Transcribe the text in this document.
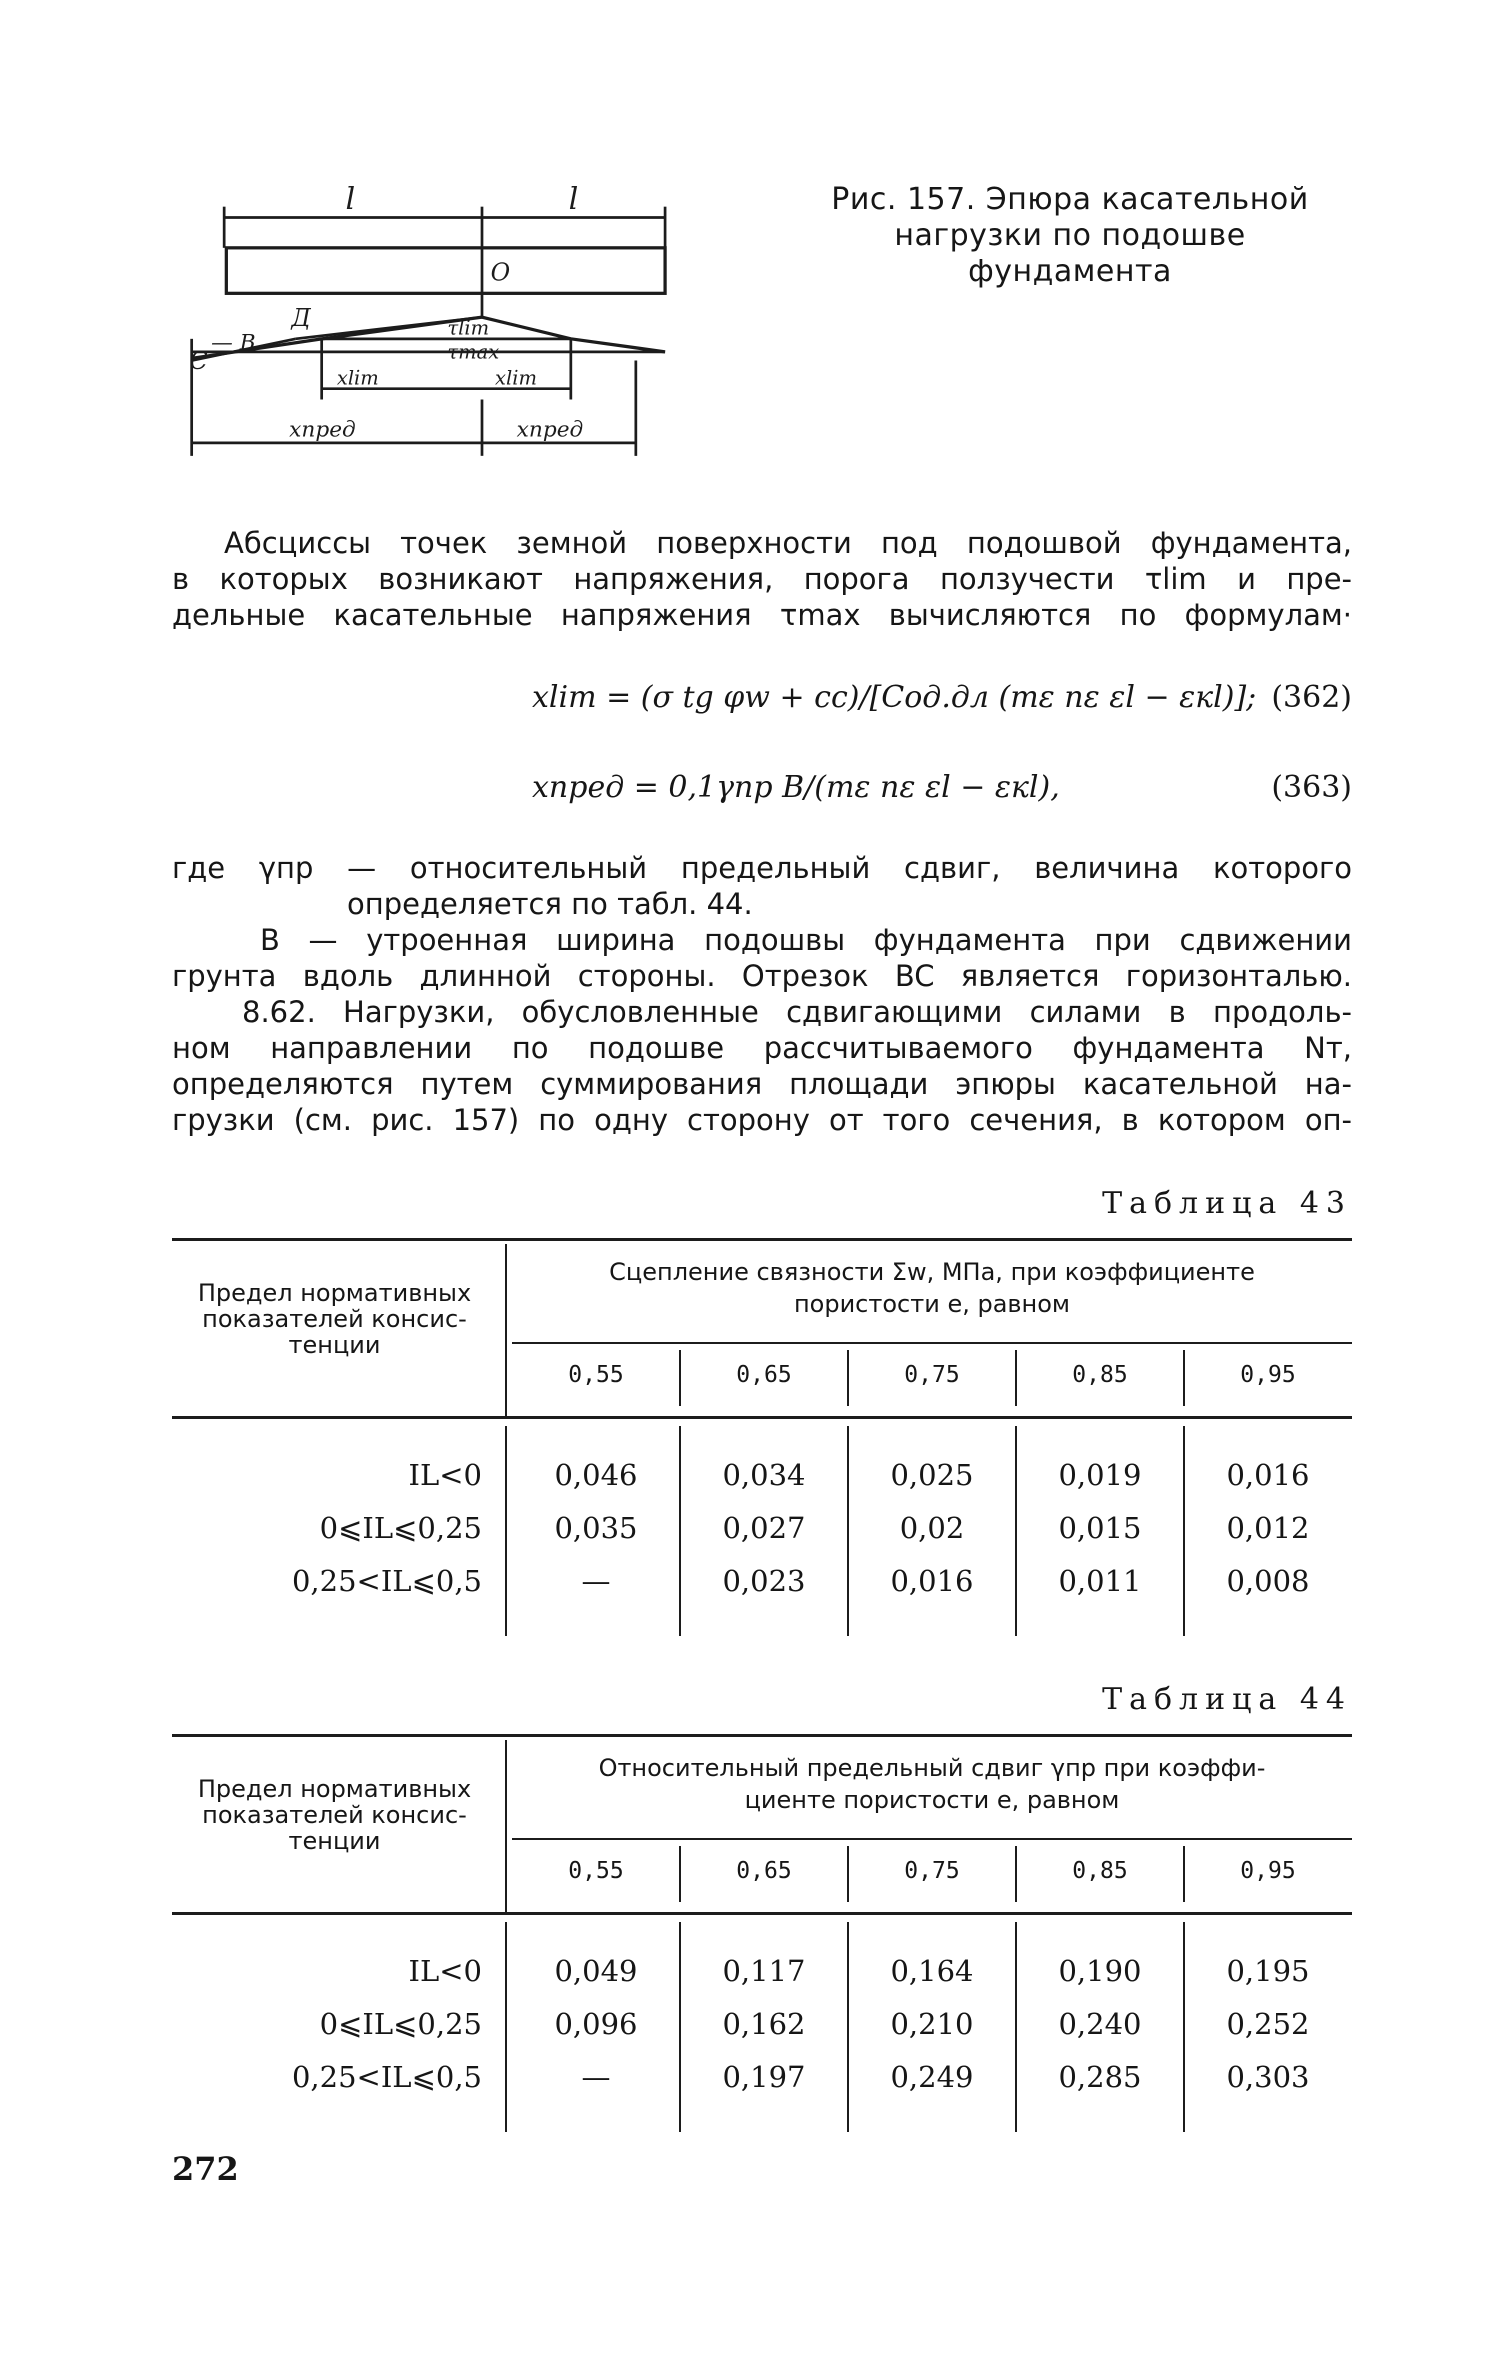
l	l
O
C
— B
Д	τlim
τmax
xlim	xlim
xпред	xпред
Рис. 157. Эпюра касательной
нагрузки по подошве
фундамента
Абсциссы точек земной поверхности под подошвой фундамента,
в которых возникают напряжения, порога ползучести τlim и пре-
дельные касательные напряжения τmax вычисляются по формулам·
xlim = (σ tg φw + cc)/[Cод.дл (mε nε εl − εкl)]; (362)
xпред = 0,1γпр B/(mε nε εl − εкl),	(363)
где γпр — относительный предельный сдвиг, величина которого
определяется по табл. 44.
B — утроенная ширина подошвы фундамента при сдвижении
грунта вдоль длинной стороны. Отрезок BC является горизонталью.
8.62. Нагрузки, обусловленные сдвигающими силами в продоль-
ном направлении по подошве рассчитываемого фундамента Nт,
определяются путем суммирования площади эпюры касательной на-
грузки (см. рис. 157) по одну сторону от того сечения, в котором оп-
Таблица 43
Предел нормативных
показателей консис-
тенции
Сцепление связности Σw, МПа, при коэффициенте
пористости e, равном
0,55	0,65	0,75	0,85	0,95
IL<0	0,046	0,034	0,025	0,019	0,016
0⩽IL⩽0,25	0,035	0,027	0,02	0,015	0,012
0,25<IL⩽0,5	—	0,023	0,016	0,011	0,008
Таблица 44
Предел нормативных
показателей консис-
тенции
Относительный предельный сдвиг γпр при коэффи-
циенте пористости e, равном
0,55	0,65	0,75	0,85	0,95
IL<0	0,049	0,117	0,164	0,190	0,195
0⩽IL⩽0,25	0,096	0,162	0,210	0,240	0,252
0,25<IL⩽0,5	—	0,197	0,249	0,285	0,303
272
